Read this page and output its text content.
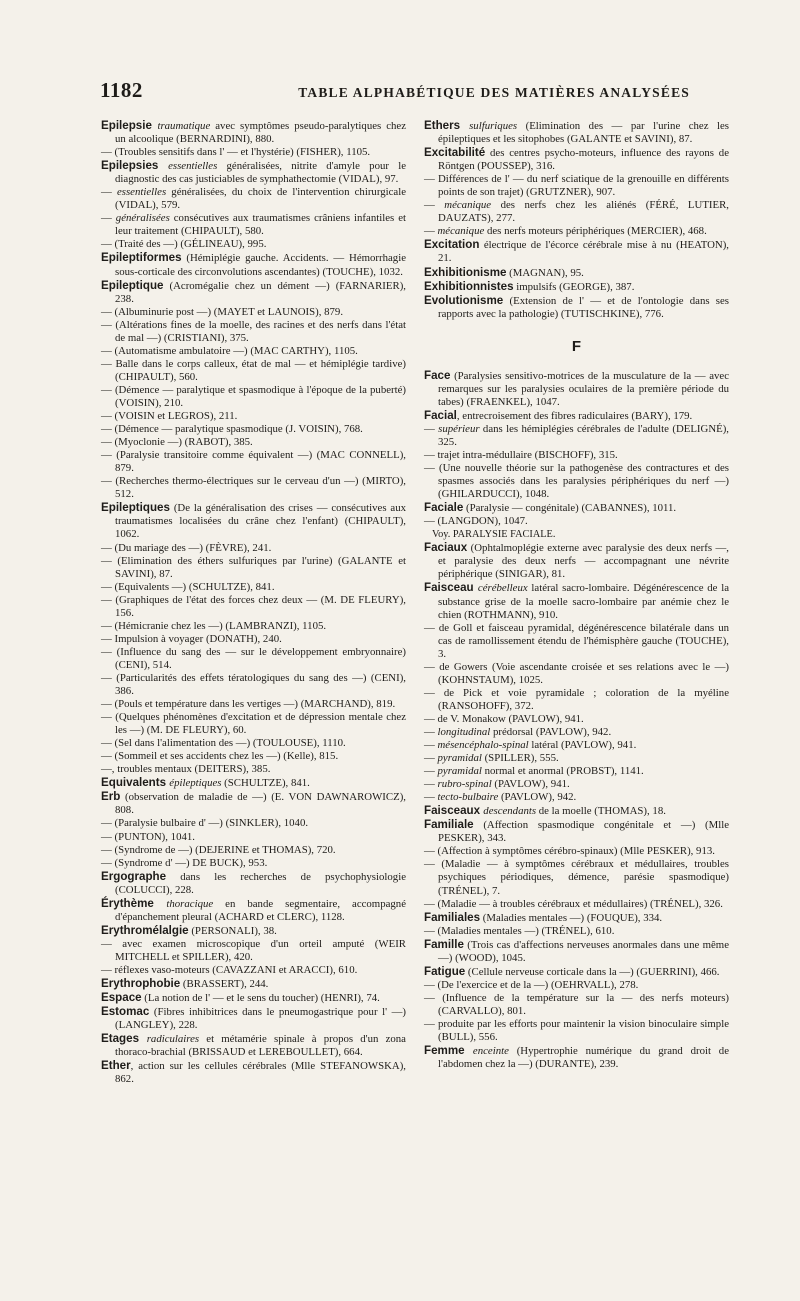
1182	TABLE ALPHABÉTIQUE DES MATIÈRES ANALYSÉES
Epilepsie traumatique avec symptômes pseudo-paralytiques chez un alcoolique (BERNARDINI), 880.
— (Troubles sensitifs dans l' — et l'hystérie) (FISHER), 1105.
Epilepsies essentielles généralisées, nitrite d'amyle pour le diagnostic des cas justiciables de symphathectomie (VIDAL), 97.
— essentielles généralisées, du choix de l'intervention chirurgicale (VIDAL), 579.
— généralisées consécutives aux traumatismes crâniens infantiles et leur traitement (CHIPAULT), 580.
— (Traité des —) (GÉLINEAU), 995.
Epileptiformes (Hémiplégie gauche. Accidents. — Hémorrhagie sous-corticale des circonvolutions ascendantes) (TOUCHE), 1032.
Epileptique (Acromégalie chez un dément —) (FARNARIER), 238.
— (Albuminurie post —) (MAYET et LAUNOIS), 879.
— (Altérations fines de la moelle, des racines et des nerfs dans l'état de mal —) (CRISTIANI), 375.
— (Automatisme ambulatoire —) (MAC CARTHY), 1105.
— Balle dans le corps calleux, état de mal — et hémiplégie tardive) (CHIPAULT), 560.
— (Démence — paralytique et spasmodique à l'époque de la puberté) (VOISIN), 210.
— (VOISIN et LEGROS), 211.
— (Démence — paralytique spasmodique (J. VOISIN), 768.
— (Myoclonie —) (RABOT), 385.
— (Paralysie transitoire comme équivalent —) (MAC CONNELL), 879.
— (Recherches thermo-électriques sur le cerveau d'un —) (MIRTO), 512.
Epileptiques (De la généralisation des crises — consécutives aux traumatismes localisées du crâne chez l'enfant) (CHIPAULT), 1062.
— (Du mariage des —) (FÈVRE), 241.
— (Elimination des éthers sulfuriques par l'urine) (GALANTE et SAVINI), 87.
— (Equivalents —) (SCHULTZE), 841.
— (Graphiques de l'état des forces chez deux — (M. DE FLEURY), 156.
— (Hémicranie chez les —) (LAMBRANZI), 1105.
— Impulsion à voyager (DONATH), 240.
— (Influence du sang des — sur le développement embryonnaire) (CENI), 514.
— (Particularités des effets tératologiques du sang des —) (CENI), 386.
— (Pouls et température dans les vertiges —) (MARCHAND), 819.
— (Quelques phénomènes d'excitation et de dépression mentale chez les —) (M. DE FLEURY), 60.
— (Sel dans l'alimentation des —) (TOULOUSE), 1110.
— (Sommeil et ses accidents chez les —) (Kelle), 815.
—, troubles mentaux (DEITERS), 385.
Equivalents épileptiques (SCHULTZE), 841.
Erb (observation de maladie de —) (E. VON DAWNAROWICZ), 808.
— (Paralysie bulbaire d' —) (SINKLER), 1040.
— (PUNTON), 1041.
— (Syndrome de —) (DEJERINE et THOMAS), 720.
— (Syndrome d' —) DE BUCK), 953.
Ergographe dans les recherches de psychophysiologie (COLUCCI), 228.
Érythème thoracique en bande segmentaire, accompagné d'épanchement pleural (ACHARD et CLERC), 1128.
Erythromélalgie (PERSONALI), 38.
— avec examen microscopique d'un orteil amputé (WEIR MITCHELL et SPILLER), 420.
— réflexes vaso-moteurs (CAVAZZANI et ARACCI), 610.
Erythrophobie (BRASSERT), 244.
Espace (La notion de l' — et le sens du toucher) (HENRI), 74.
Estomac (Fibres inhibitrices dans le pneumogastrique pour l' —) (LANGLEY), 228.
Etages radiculaires et métamérie spinale à propos d'un zona thoraco-brachial (BRISSAUD et LEREBOULLET), 664.
Ether, action sur les cellules cérébrales (Mlle STEFANOWSKA), 862.
Ethers sulfuriques (Elimination des — par l'urine chez les épileptiques et les sitophobes (GALANTE et SAVINI), 87.
Excitabilité des centres psycho-moteurs, influence des rayons de Röntgen (POUSSEP), 316.
— Différences de l' — du nerf sciatique de la grenouille en différents points de son trajet) (GRUTZNER), 907.
— mécanique des nerfs chez les aliénés (FÉRÉ, LUTIER, DAUZATS), 277.
— mécanique des nerfs moteurs périphériques (MERCIER), 468.
Excitation électrique de l'écorce cérébrale mise à nu (HEATON), 21.
Exhibitionisme (MAGNAN), 95.
Exhibitionnistes impulsifs (GEORGE), 387.
Evolutionisme (Extension de l' — et de l'ontologie dans ses rapports avec la pathologie) (TUTISCHKINE), 776.
F
Face (Paralysies sensitivo-motrices de la musculature de la — avec remarques sur les paralysies oculaires de la première période du tabes) (FRAENKEL), 1047.
Facial, entrecroisement des fibres radiculaires (BARY), 179.
— supérieur dans les hémiplégies cérébrales de l'adulte (DELIGNÉ), 325.
— trajet intra-médullaire (BISCHOFF), 315.
— (Une nouvelle théorie sur la pathogenèse des contractures et des spasmes associés dans les paralysies périphériques du nerf —) (GHILARDUCCI), 1048.
Faciale (Paralysie — congénitale) (CABANNES), 1011.
— (LANGDON), 1047.
Voy. PARALYSIE FACIALE.
Faciaux (Ophtalmoplégie externe avec paralysie des deux nerfs —, et paralysie des deux nerfs — accompagnant une névrite périphérique (SINIGAR), 81.
Faisceau cérébelleux latéral sacro-lombaire. Dégénérescence de la substance grise de la moelle sacro-lombaire par anémie chez le chien (ROTHMANN), 910.
— de Goll et faisceau pyramidal, dégénérescence bilatérale dans un cas de ramollissement étendu de l'hémisphère gauche (TOUCHE), 3.
— de Gowers (Voie ascendante croisée et ses relations avec le —) (KOHNSTAUM), 1025.
— de Pick et voie pyramidale ; coloration de la myéline (RANSOHOFF), 372.
— de V. Monakow (PAVLOW), 941.
— longitudinal prédorsal (PAVLOW), 942.
— mésencéphalo-spinal latéral (PAVLOW), 941.
— pyramidal (SPILLER), 555.
— pyramidal normal et anormal (PROBST), 1141.
— rubro-spinal (PAVLOW), 941.
— tecto-bulbaire (PAVLOW), 942.
Faisceaux descendants de la moelle (THOMAS), 18.
Familiale (Affection spasmodique congénitale et —) (Mlle PESKER), 343.
— (Affection à symptômes cérébro-spinaux) (Mlle PESKER), 913.
— (Maladie — à symptômes cérébraux et médullaires, troubles psychiques périodiques, démence, parésie spasmodique) (TRÉNEL), 7.
— (Maladie — à troubles cérébraux et médullaires) (TRÉNEL), 326.
Familiales (Maladies mentales —) (FOUQUE), 334.
— (Maladies mentales —) (TRÉNEL), 610.
Famille (Trois cas d'affections nerveuses anormales dans une même —) (WOOD), 1045.
Fatigue (Cellule nerveuse corticale dans la —) (GUERRINI), 466.
— (De l'exercice et de la —) (OEHRVALL), 278.
— (Influence de la température sur la — des nerfs moteurs) (CARVALLO), 801.
— produite par les efforts pour maintenir la vision binoculaire simple (BULL), 556.
Femme enceinte (Hypertrophie numérique du grand droit de l'abdomen chez la —) (DURANTE), 239.
